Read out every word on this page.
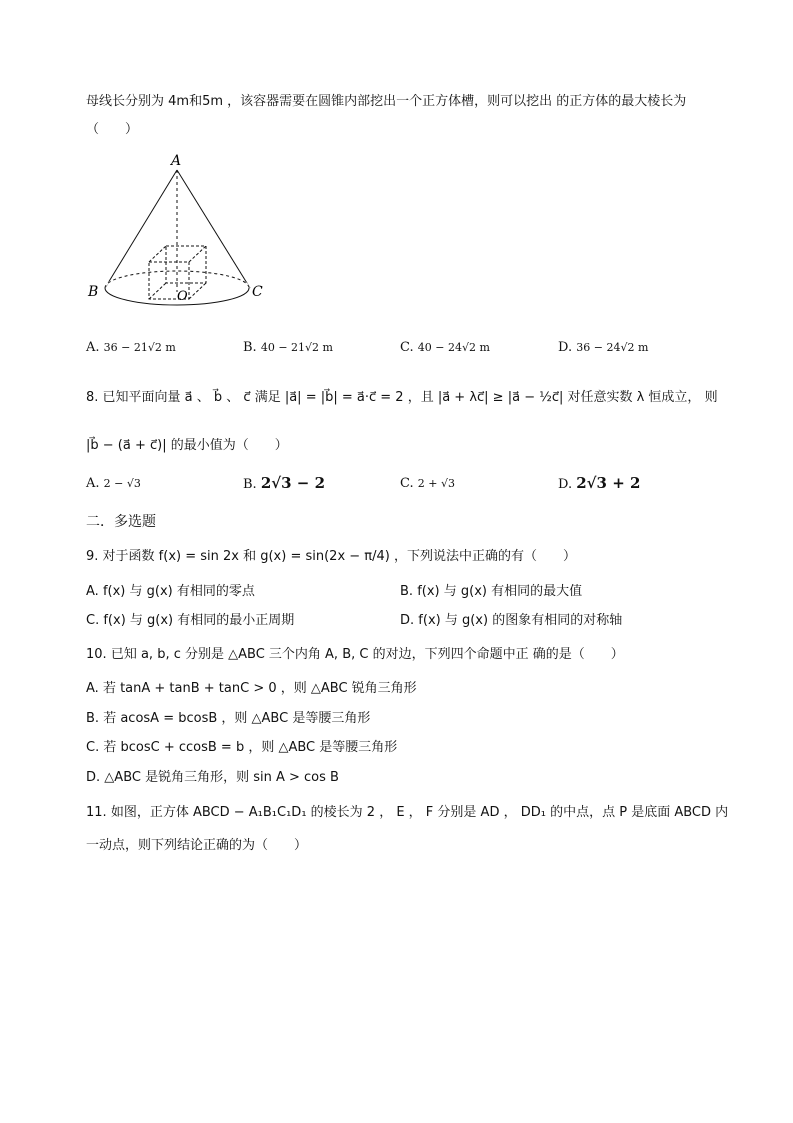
母线长分别为 4m和5m ，该容器需要在圆锥内部挖出一个正方体槽，则可以挖出 的正方体的最大棱长为
（　　）
A
B	C
O
A. 36 − 21√2 m	B. 40 − 21√2 m	C. 40 − 24√2 m	D. 36 − 24√2 m
8. 已知平面向量 a⃗ 、 b⃗ 、 c⃗ 满足 |a⃗| = |b⃗| = a⃗·c⃗ = 2 ，且 |a⃗ + λc⃗| ≥ |a⃗ − ½c⃗| 对任意实数 λ 恒成立， 则
|b⃗ − (a⃗ + c⃗)| 的最小值为（　　）
A. 2 − √3	B. 2√3 − 2	C. 2 + √3	D. 2√3 + 2
二．多选题
9. 对于函数 f(x) = sin 2x 和 g(x) = sin(2x − π/4) ，下列说法中正确的有（　　）
A. f(x) 与 g(x) 有相同的零点	B. f(x) 与 g(x) 有相同的最大值
C. f(x) 与 g(x) 有相同的最小正周期	D. f(x) 与 g(x) 的图象有相同的对称轴
10. 已知 a, b, c 分别是 △ABC 三个内角 A, B, C 的对边，下列四个命题中正 确的是（　　）
A. 若 tanA + tanB + tanC > 0 ，则 △ABC 锐角三角形
B. 若 acosA = bcosB ，则 △ABC 是等腰三角形
C. 若 bcosC + ccosB = b ，则 △ABC 是等腰三角形
D. △ABC 是锐角三角形，则 sin A > cos B
11. 如图，正方体 ABCD − A₁B₁C₁D₁ 的棱长为 2 ， E ， F 分别是 AD ， DD₁ 的中点，点 P 是底面 ABCD 内
一动点，则下列结论正确的为（　　）
